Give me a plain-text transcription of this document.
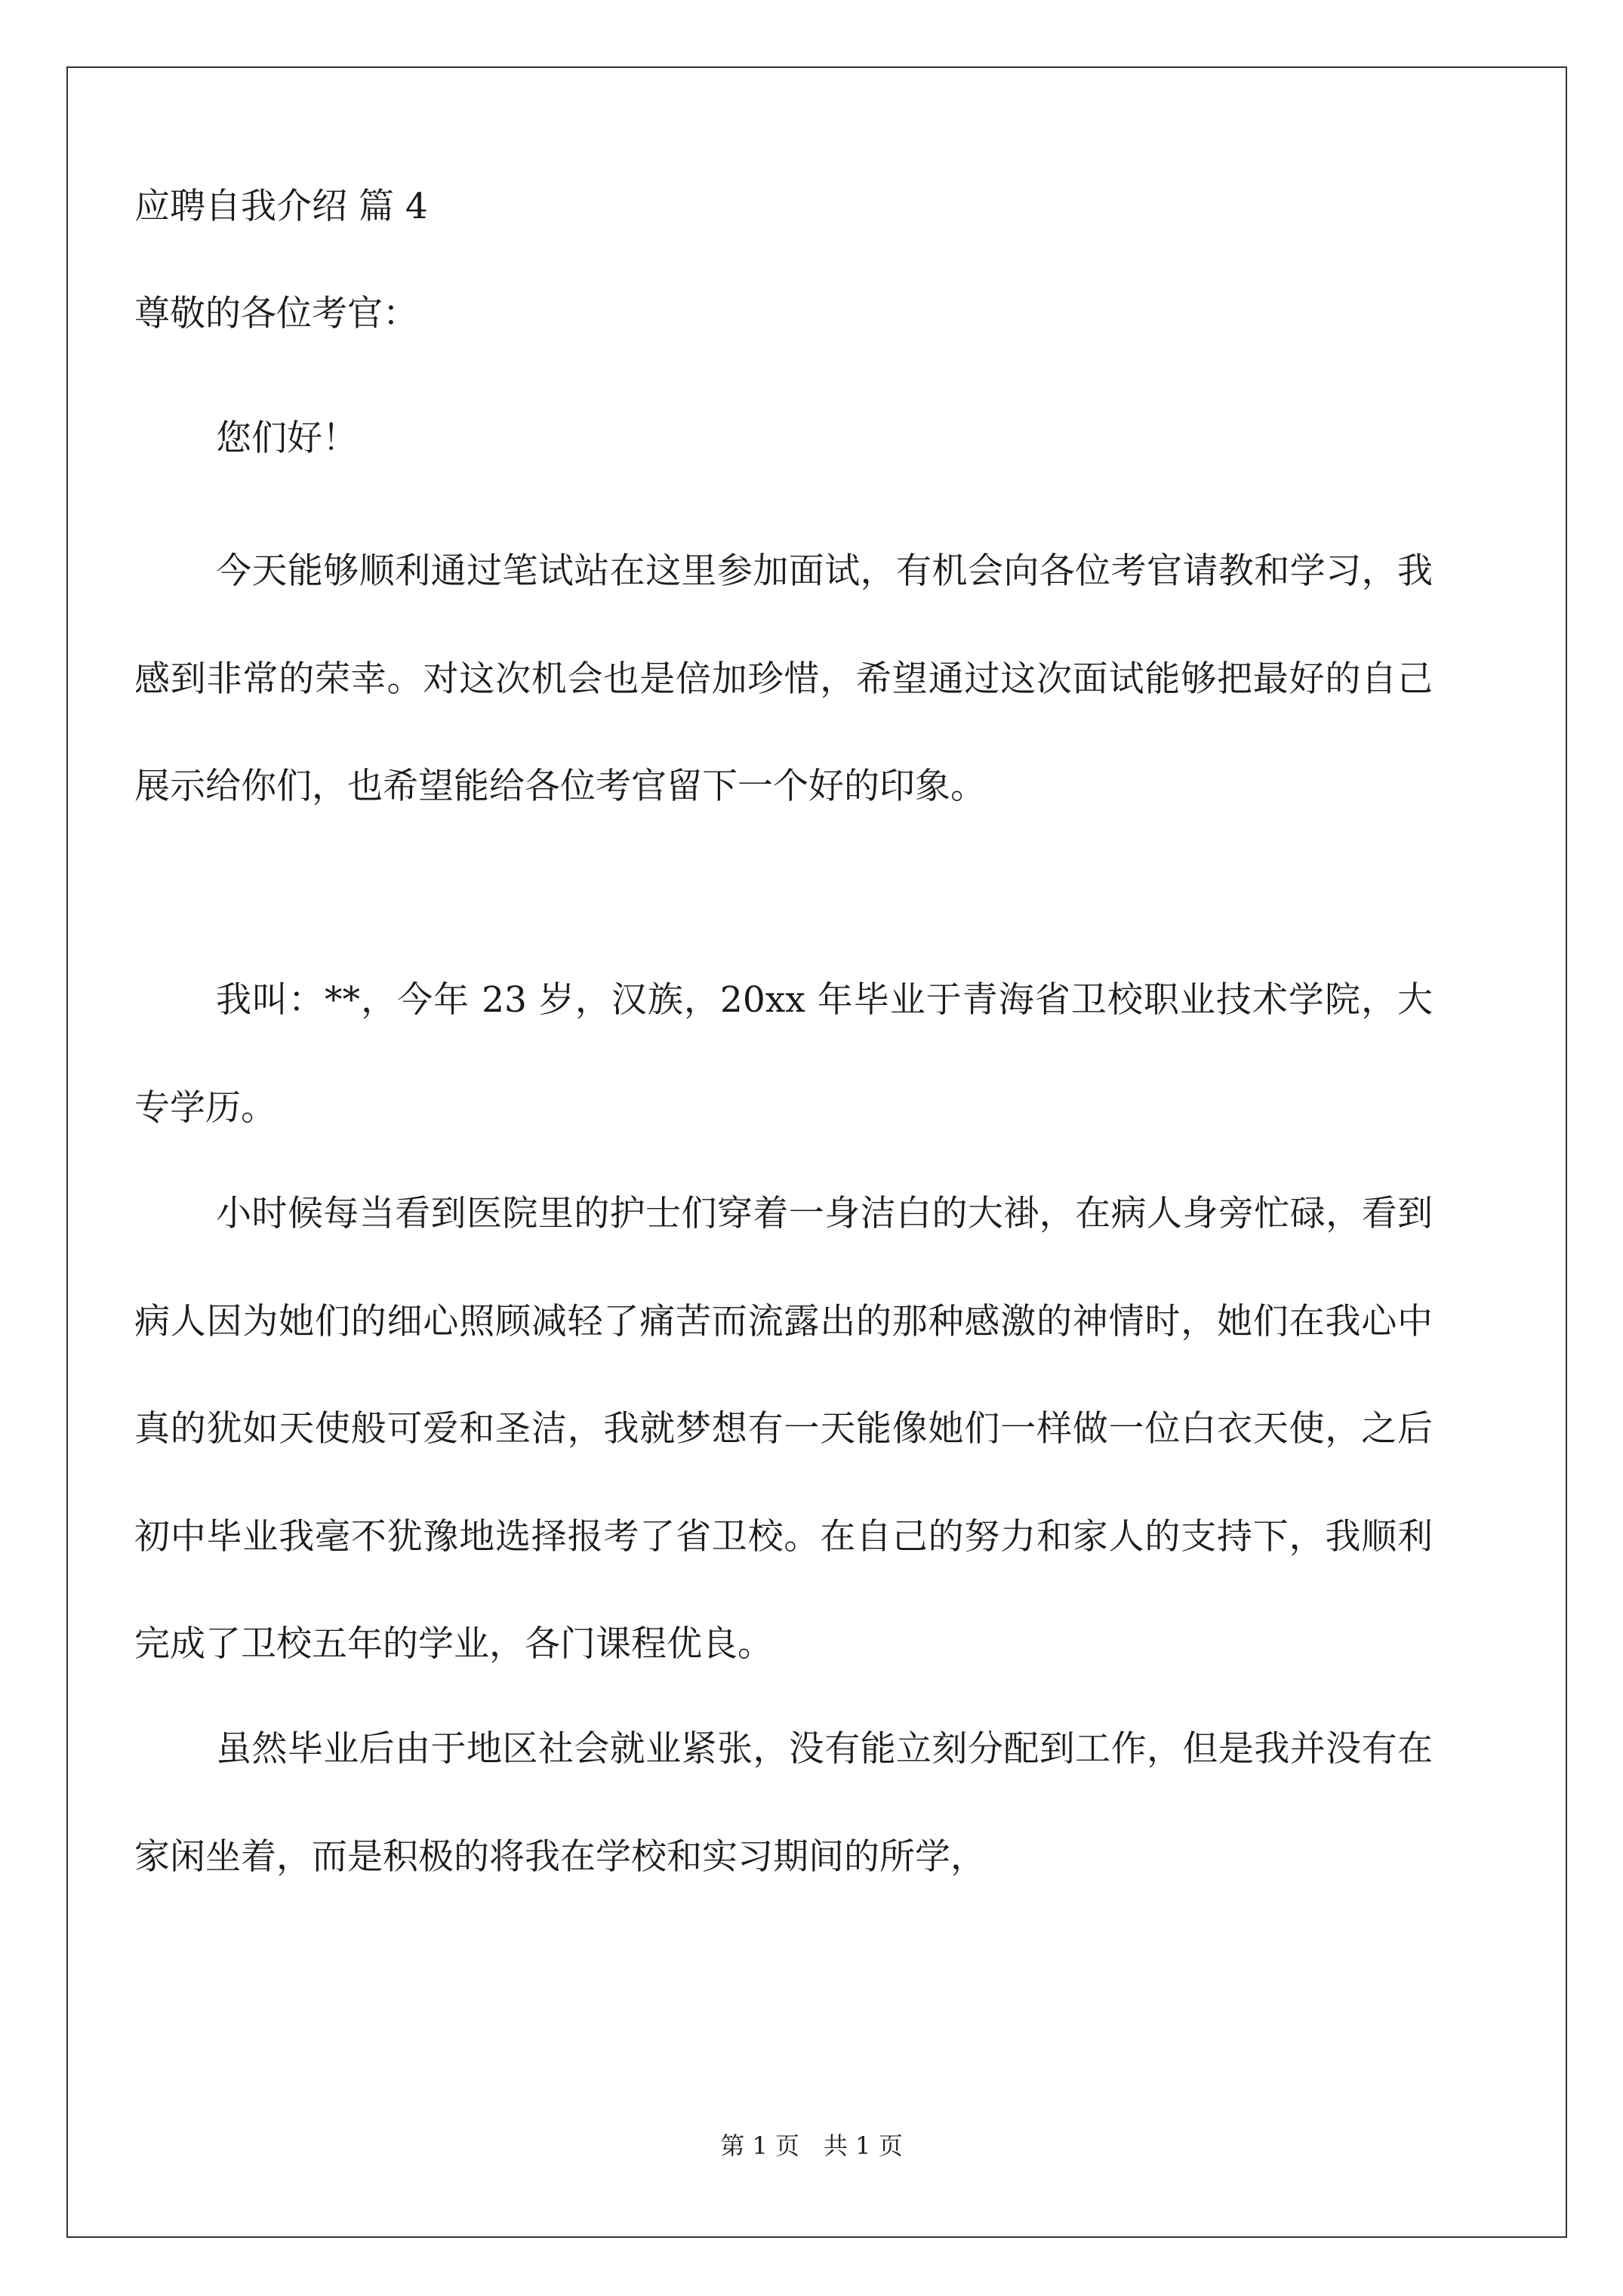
应聘自我介绍 篇 4
尊敬的各位考官：
您们好！
今天能够顺利通过笔试站在这里参加面试，有机会向各位考官请教和学习，我感到非常的荣幸。对这次机会也是倍加珍惜，希望通过这次面试能够把最好的自己展示给你们，也希望能给各位考官留下一个好的印象。
我叫：**，今年 23 岁，汉族，20xx 年毕业于青海省卫校职业技术学院，大专学历。
小时候每当看到医院里的护士们穿着一身洁白的大褂，在病人身旁忙碌，看到病人因为她们的细心照顾减轻了痛苦而流露出的那种感激的神情时，她们在我心中真的犹如天使般可爱和圣洁，我就梦想有一天能像她们一样做一位白衣天使，之后初中毕业我毫不犹豫地选择报考了省卫校。在自己的努力和家人的支持下，我顺利完成了卫校五年的学业，各门课程优良。
虽然毕业后由于地区社会就业紧张，没有能立刻分配到工作，但是我并没有在家闲坐着，而是积极的将我在学校和实习期间的所学，
第 1 页　共 1 页
